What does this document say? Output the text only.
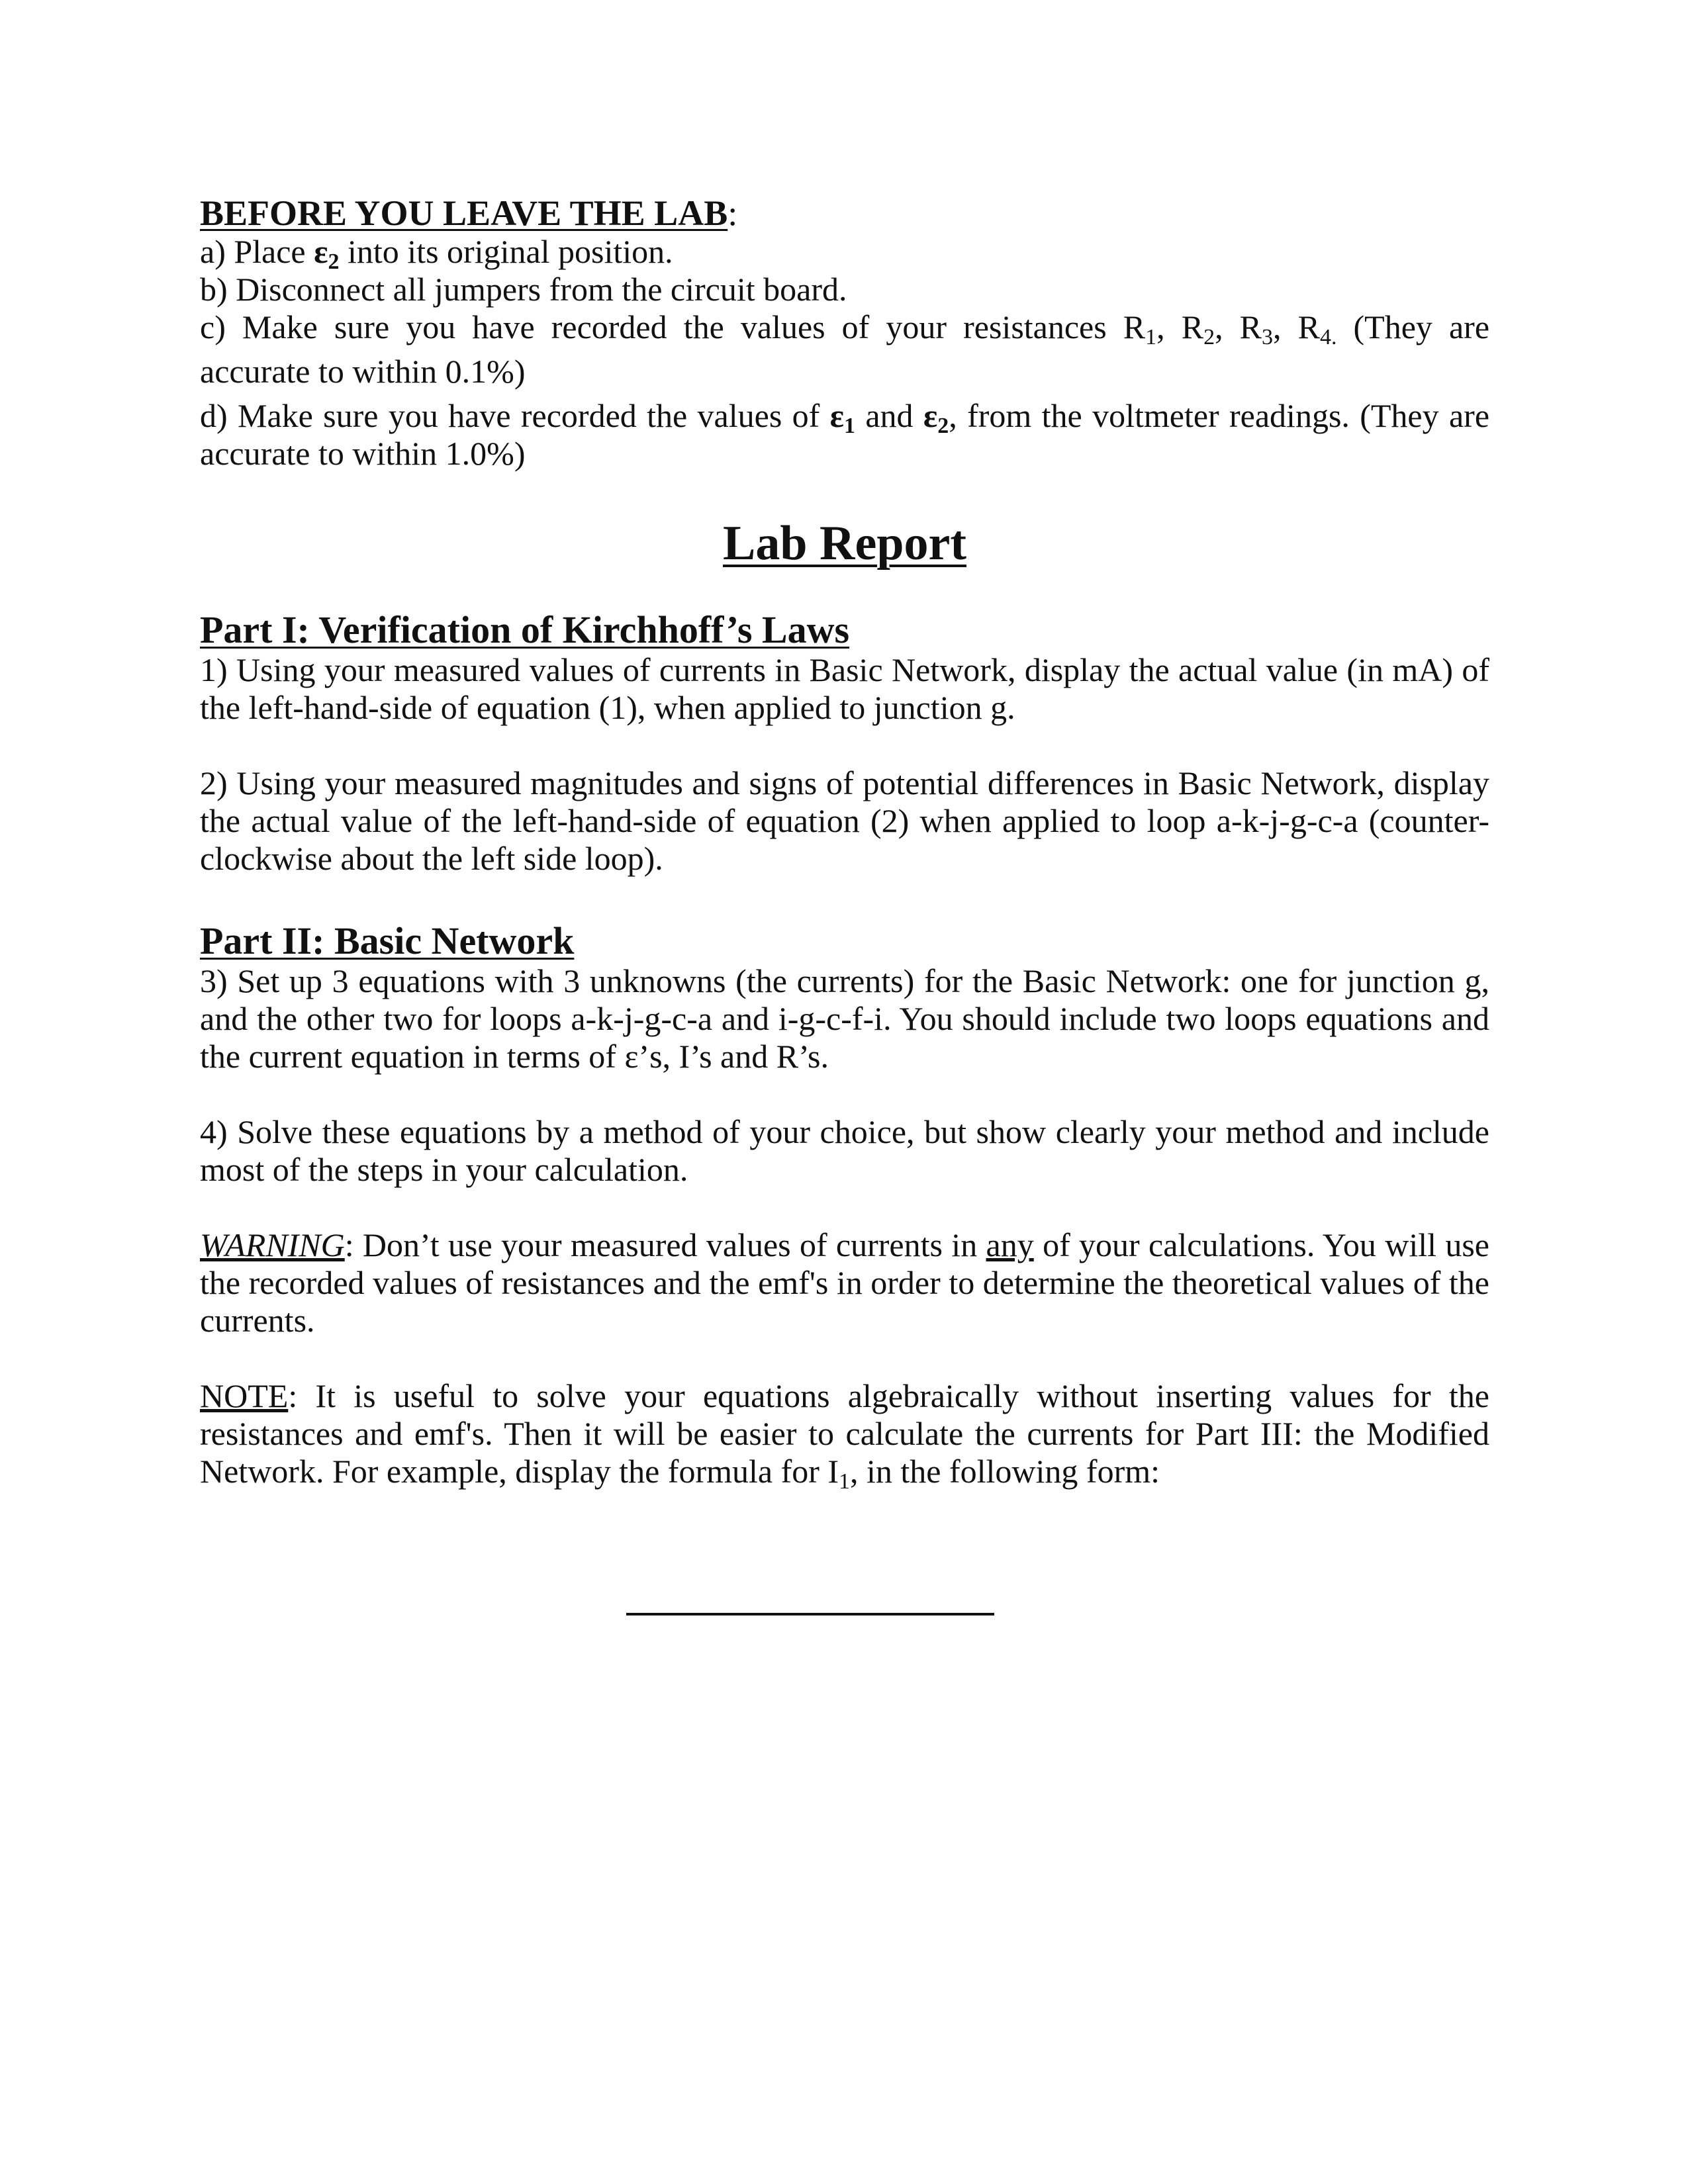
BEFORE YOU LEAVE THE LAB:

a) Place $\varepsilon_2$ into its original position.

b) Disconnect all jumpers from the circuit board.

c) Make sure you have recorded the values of your resistances $R_1$, $R_2$, $R_3$, $R_{4.}$ (They are

accurate to within 0.1%)

d) Make sure you have recorded the values of $\varepsilon_1$ and $\varepsilon_2$, from the voltmeter readings. (They are

accurate to within 1.0%)

Lab Report

Part I: Verification of Kirchhoff’s Laws

1) Using your measured values of currents in Basic Network, display the actual value (in mA) of the left-hand-side of equation (1), when applied to junction g.

2) Using your measured magnitudes and signs of potential differences in Basic Network, display the actual value of the left-hand-side of equation (2) when applied to loop a-k-j-g-c-a (counter-clockwise about the left side loop).

Part II: Basic Network

3) Set up 3 equations with 3 unknowns (the currents) for the Basic Network: one for junction g, and the other two for loops a-k-j-g-c-a and i-g-c-f-i. You should include two loops equations and the current equation in terms of ε’s, I’s and R’s.

4) Solve these equations by a method of your choice, but show clearly your method and include most of the steps in your calculation.

WARNING: Don’t use your measured values of currents in any of your calculations. You will use the recorded values of resistances and the emf's in order to determine the theoretical values of the currents.

NOTE: It is useful to solve your equations algebraically without inserting values for the resistances and emf's. Then it will be easier to calculate the currents for Part III: the Modified Network. For example, display the formula for $I_1$, in the following form:
